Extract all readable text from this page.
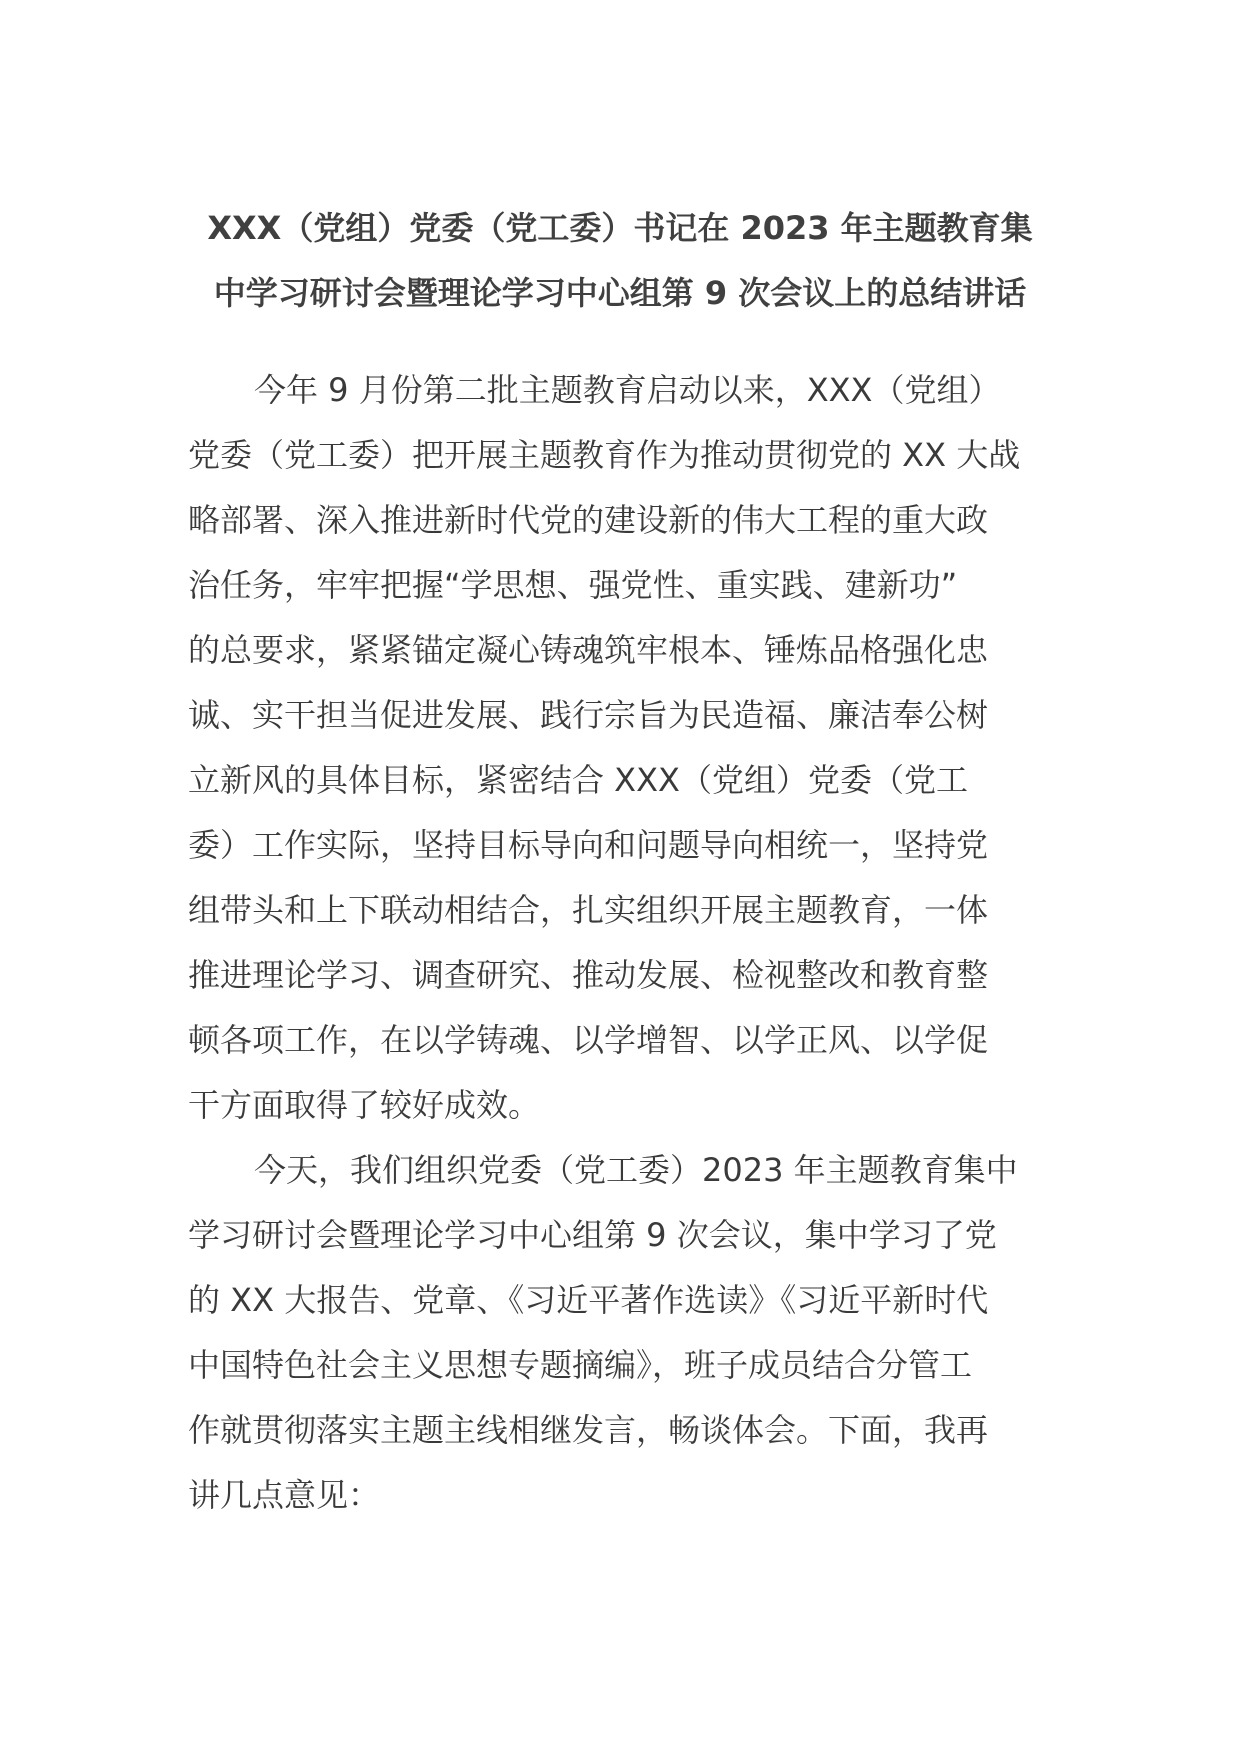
XXX（党组）党委（党工委）书记在 2023 年主题教育集
中学习研讨会暨理论学习中心组第 9 次会议上的总结讲话
今年 9 月份第二批主题教育启动以来，XXX（党组）
党委（党工委）把开展主题教育作为推动贯彻党的 XX 大战
略部署、深入推进新时代党的建设新的伟大工程的重大政
治任务，牢牢把握“学思想、强党性、重实践、建新功”
的总要求，紧紧锚定凝心铸魂筑牢根本、锤炼品格强化忠
诚、实干担当促进发展、践行宗旨为民造福、廉洁奉公树
立新风的具体目标，紧密结合 XXX（党组）党委（党工
委）工作实际，坚持目标导向和问题导向相统一，坚持党
组带头和上下联动相结合，扎实组织开展主题教育，一体
推进理论学习、调查研究、推动发展、检视整改和教育整
顿各项工作，在以学铸魂、以学增智、以学正风、以学促
干方面取得了较好成效。
今天，我们组织党委（党工委）2023 年主题教育集中
学习研讨会暨理论学习中心组第 9 次会议，集中学习了党
的 XX 大报告、党章、《习近平著作选读》《习近平新时代
中国特色社会主义思想专题摘编》，班子成员结合分管工
作就贯彻落实主题主线相继发言，畅谈体会。下面，我再
讲几点意见：
